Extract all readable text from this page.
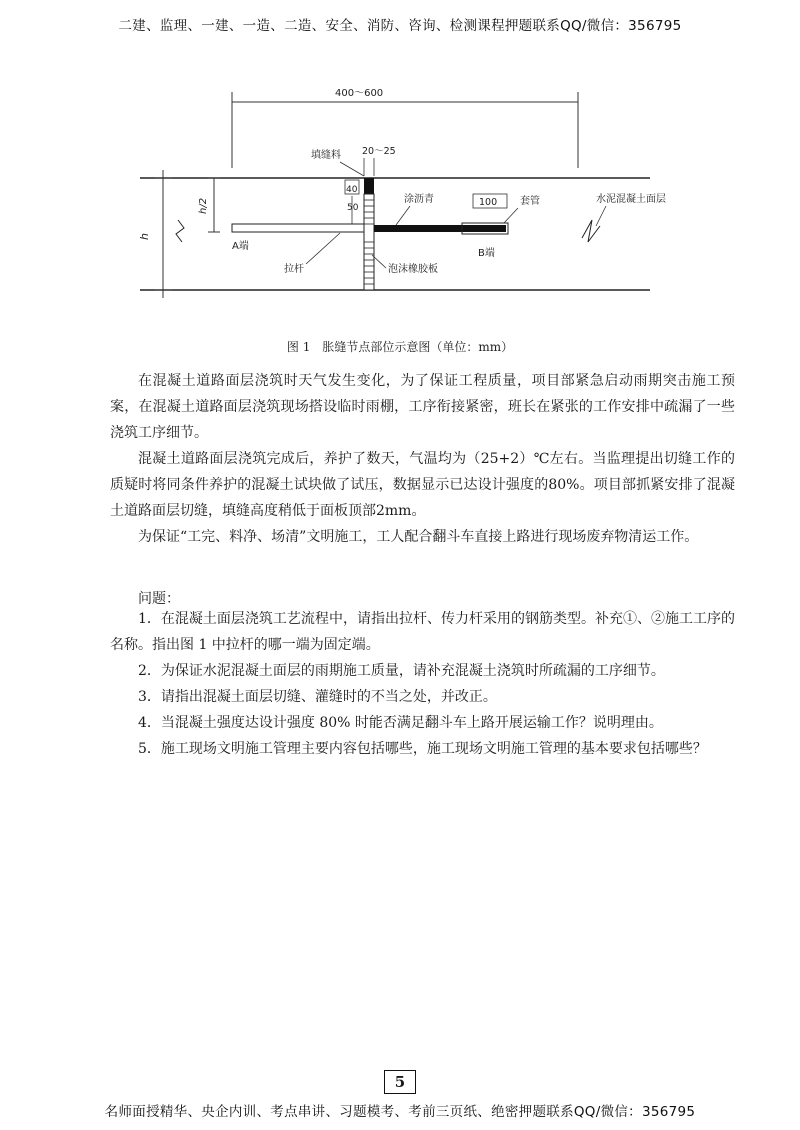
二建、监理、一建、一造、二造、安全、消防、咨询、检测课程押题联系QQ/微信：356795
400～600
h
h/2
20～25
填缝料
40
50	100 套管
涂沥青	水泥混凝土面层
A端
B端
拉杆	泡沫橡胶板
图 1　胀缝节点部位示意图（单位：mm）

在混凝土道路面层浇筑时天气发生变化，为了保证工程质量，项目部紧急启动雨期突击施工预案，在混凝土道路面层浇筑现场搭设临时雨棚，工序衔接紧密，班长在紧张的工作安排中疏漏了一些浇筑工序细节。

混凝土道路面层浇筑完成后，养护了数天，气温均为（25+2）℃左右。当监理提出切缝工作的质疑时将同条件养护的混凝土试块做了试压，数据显示已达设计强度的80%。项目部抓紧安排了混凝土道路面层切缝，填缝高度稍低于面板顶部2mm。

为保证“工完、料净、场清”文明施工，工人配合翻斗车直接上路进行现场废弃物清运工作。

问题：

1．在混凝土面层浇筑工艺流程中，请指出拉杆、传力杆采用的钢筋类型。补充①、②施工工序的名称。指出图 1 中拉杆的哪一端为固定端。

2．为保证水泥混凝土面层的雨期施工质量，请补充混凝土浇筑时所疏漏的工序细节。

3．请指出混凝土面层切缝、灌缝时的不当之处，并改正。

4．当混凝土强度达设计强度 80% 时能否满足翻斗车上路开展运输工作？说明理由。

5．施工现场文明施工管理主要内容包括哪些，施工现场文明施工管理的基本要求包括哪些？

5
名师面授精华、央企内训、考点串讲、习题模考、考前三页纸、绝密押题联系QQ/微信：356795
